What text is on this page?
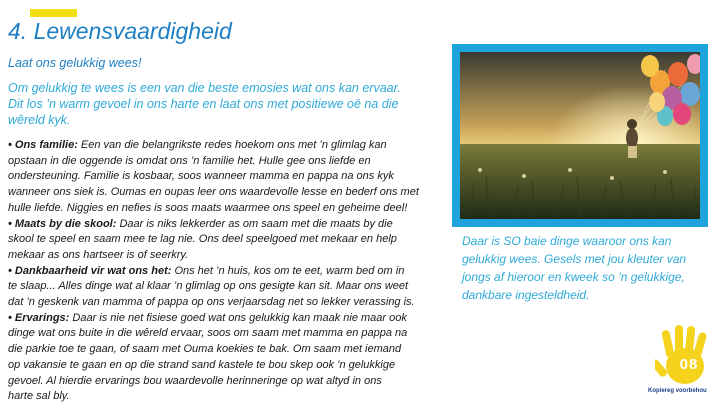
4. Lewensvaardigheid
Laat ons gelukkig wees!
Om gelukkig te wees is een van die beste emosies wat ons kan ervaar.
Dit los ’n warm gevoel in ons harte en laat ons met positiewe oë na die
wêreld kyk.
• Ons familie: Een van die belangrikste redes hoekom ons met ’n glimlag kan
opstaan in die oggende is omdat ons ’n familie het. Hulle gee ons liefde en
ondersteuning. Familie is kosbaar, soos wanneer mamma en pappa na ons kyk
wanneer ons siek is. Oumas en oupas leer ons waardevolle lesse en bederf ons met
hulle liefde. Niggies en nefies is soos maats waarmee ons speel en geheime deel!
• Maats by die skool: Daar is niks lekkerder as om saam met die maats by die
skool te speel en saam mee te lag nie. Ons deel speelgoed met mekaar en help
mekaar as ons hartseer is of seerkry.
• Dankbaarheid vir wat ons het: Ons het ’n huis, kos om te eet, warm bed om in
te slaap... Alles dinge wat al klaar ’n glimlag op ons gesigte kan sit. Maar ons weet
dat ’n geskenk van mamma of pappa op ons verjaarsdag net so lekker verassing is.
• Ervarings: Daar is nie net fisiese goed wat ons gelukkig kan maak nie maar ook
dinge wat ons buite in die wêreld ervaar, soos om saam met mamma en pappa na
die parkie toe te gaan, of saam met Ouma koekies te bak. Om saam met iemand
op vakansie te gaan en op die strand sand kastele te bou skep ook ’n gelukkige
gevoel. Al hierdie ervarings bou waardevolle herinneringe op wat altyd in ons
harte sal bly.
Daar is SO baie dinge waaroor ons kan
gelukkig wees. Gesels met jou kleuter van
jongs af hieroor en kweek so ’n gelukkige,
dankbare ingesteldheid.
08
Kopiereg voorbehou
